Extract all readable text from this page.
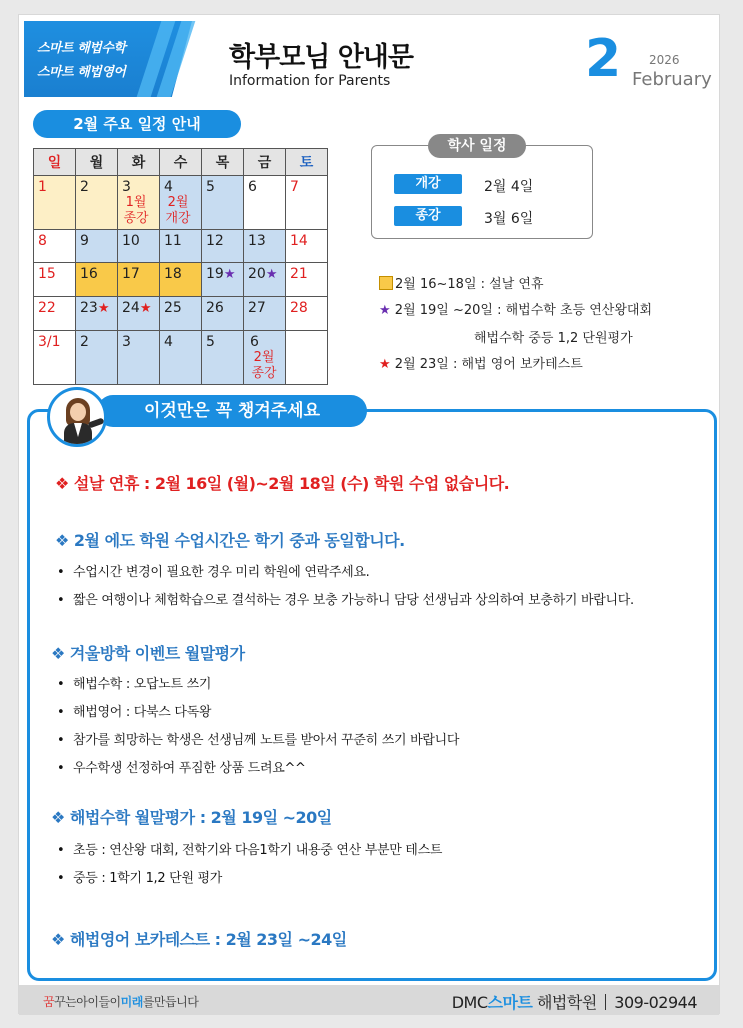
스마트 해법수학
스마트 해법영어	학부모님 안내문
Information for Parents	2 2026
February
2월 주요 일정 안내
일	월	화	수	목	금	토
1	2	3 1월 종강	4 2월 개강	5	6	7
8	9	10	11	12	13	14
15	16	17	18	19★	20★	21
22	23★	24★	25	26	27	28
3/1	2	3	4	5	6 2월 종강	
학사 일정
개강	2월 4일
종강	3월 6일
2월 16~18일 : 설날 연휴
★ 2월 19일 ~20일 : 해법수학 초등 연산왕대회
해법수학 중등 1,2 단원평가
★ 2월 23일 : 해법 영어 보카테스트
이것만은 꼭 챙겨주세요
❖ 설날 연휴 : 2월 16일 (월)~2월 18일 (수) 학원 수업 없습니다.
❖ 2월 에도 학원 수업시간은 학기 중과 동일합니다.
• 수업시간 변경이 필요한 경우 미리 학원에 연락주세요.
• 짧은 여행이나 체험학습으로 결석하는 경우 보충 가능하니 담당 선생님과 상의하여 보충하기 바랍니다.
❖ 겨울방학 이벤트 월말평가
• 해법수학 : 오답노트 쓰기
• 해법영어 : 다북스 다독왕
• 참가를 희망하는 학생은 선생님께 노트를 받아서 꾸준히 쓰기 바랍니다
• 우수학생 선정하여 푸짐한 상품 드려요^^
❖ 해법수학 월말평가 : 2월 19일 ~20일
• 초등 : 연산왕 대회, 전학기와 다음1학기 내용중 연산 부분만 테스트
• 중등 : 1학기 1,2 단원 평가
❖ 해법영어 보카테스트 : 2월 23일 ~24일
꿈꾸는아이들이미래를만듭니다	DMC스마트 해법학원 309-02944
